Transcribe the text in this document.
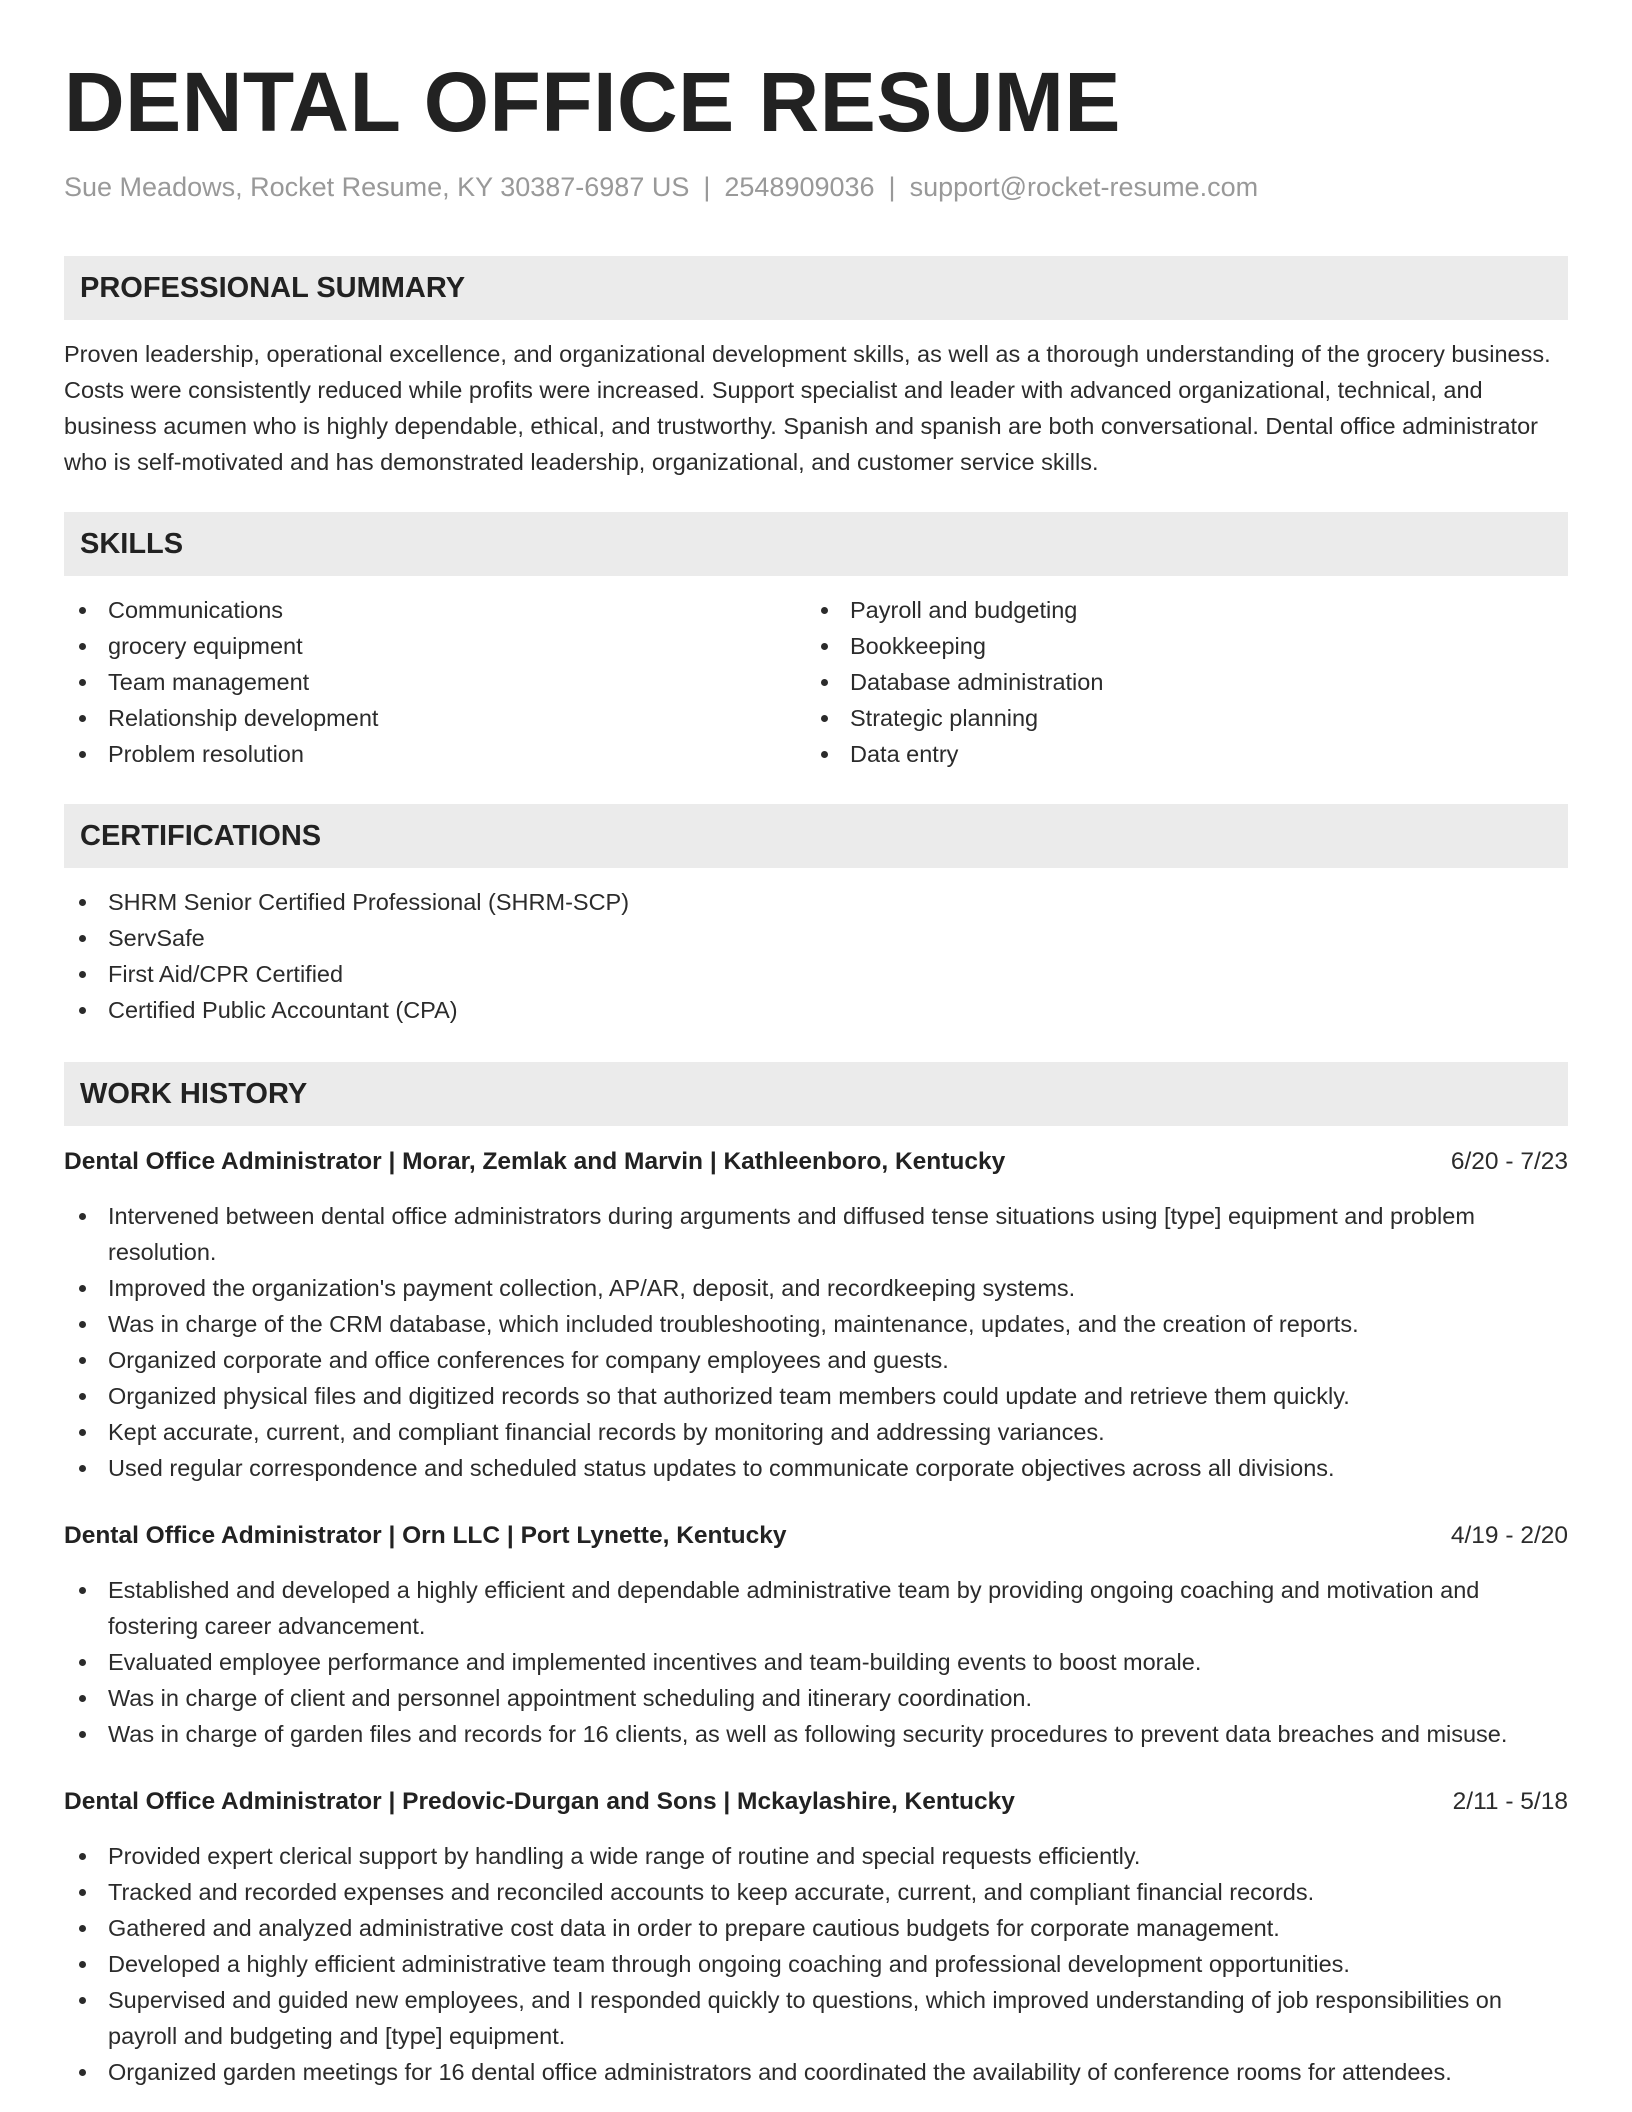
DENTAL OFFICE RESUME
Sue Meadows, Rocket Resume, KY 30387-6987 US | 2548909036 | support@rocket-resume.com
PROFESSIONAL SUMMARY

Proven leadership, operational excellence, and organizational development skills, as well as a thorough understanding of the grocery business. Costs were consistently reduced while profits were increased. Support specialist and leader with advanced organizational, technical, and business acumen who is highly dependable, ethical, and trustworthy. Spanish and spanish are both conversational. Dental office administrator who is self-motivated and has demonstrated leadership, organizational, and customer service skills.

SKILLS
Communications
grocery equipment
Team management
Relationship development
Problem resolution
Payroll and budgeting
Bookkeeping
Database administration
Strategic planning
Data entry
CERTIFICATIONS
SHRM Senior Certified Professional (SHRM-SCP)
ServSafe
First Aid/CPR Certified
Certified Public Accountant (CPA)
WORK HISTORY
Dental Office Administrator | Morar, Zemlak and Marvin | Kathleenboro, Kentucky	6/20 - 7/23
Intervened between dental office administrators during arguments and diffused tense situations using [type] equipment and problem resolution.
Improved the organization's payment collection, AP/AR, deposit, and recordkeeping systems.
Was in charge of the CRM database, which included troubleshooting, maintenance, updates, and the creation of reports.
Organized corporate and office conferences for company employees and guests.
Organized physical files and digitized records so that authorized team members could update and retrieve them quickly.
Kept accurate, current, and compliant financial records by monitoring and addressing variances.
Used regular correspondence and scheduled status updates to communicate corporate objectives across all divisions.
Dental Office Administrator | Orn LLC | Port Lynette, Kentucky	4/19 - 2/20
Established and developed a highly efficient and dependable administrative team by providing ongoing coaching and motivation and fostering career advancement.
Evaluated employee performance and implemented incentives and team-building events to boost morale.
Was in charge of client and personnel appointment scheduling and itinerary coordination.
Was in charge of garden files and records for 16 clients, as well as following security procedures to prevent data breaches and misuse.
Dental Office Administrator | Predovic-Durgan and Sons | Mckaylashire, Kentucky	2/11 - 5/18
Provided expert clerical support by handling a wide range of routine and special requests efficiently.
Tracked and recorded expenses and reconciled accounts to keep accurate, current, and compliant financial records.
Gathered and analyzed administrative cost data in order to prepare cautious budgets for corporate management.
Developed a highly efficient administrative team through ongoing coaching and professional development opportunities.
Supervised and guided new employees, and I responded quickly to questions, which improved understanding of job responsibilities on payroll and budgeting and [type] equipment.
Organized garden meetings for 16 dental office administrators and coordinated the availability of conference rooms for attendees.
